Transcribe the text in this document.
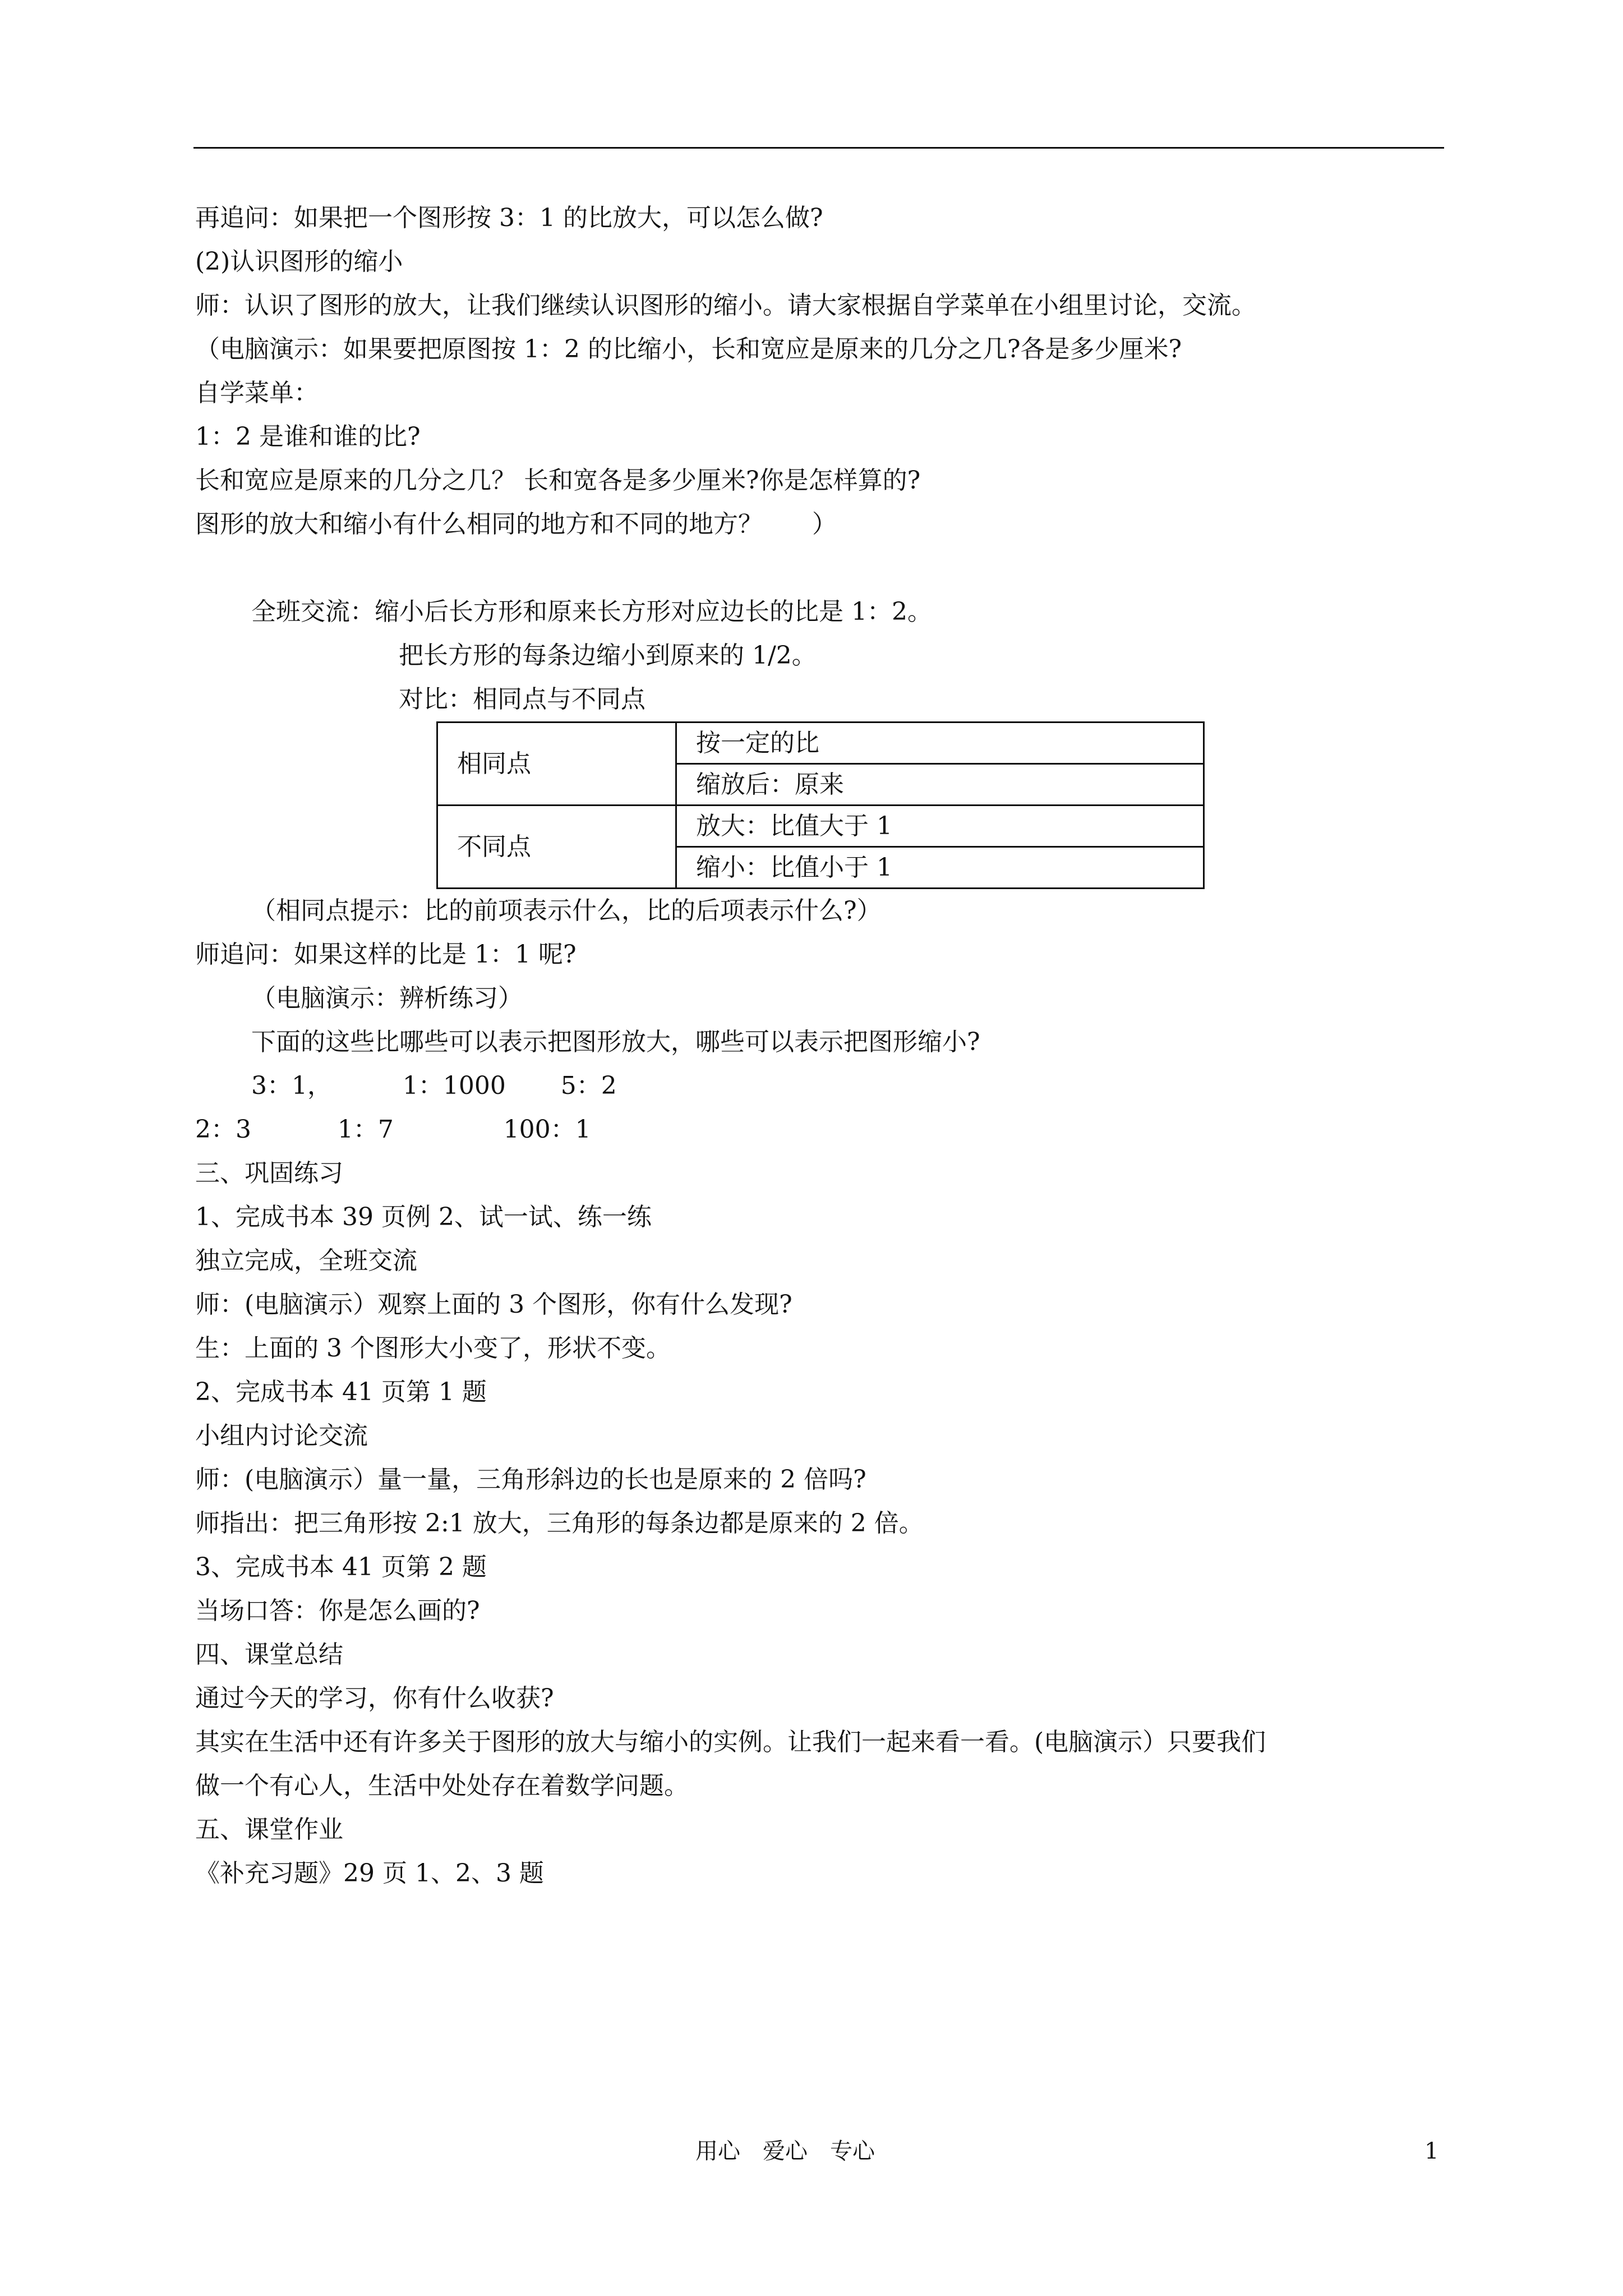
再追问：如果把一个图形按 3：1 的比放大，可以怎么做?

(2)认识图形的缩小

师：认识了图形的放大，让我们继续认识图形的缩小。请大家根据自学菜单在小组里讨论，交流。

（电脑演示：如果要把原图按 1：2 的比缩小，长和宽应是原来的几分之几?各是多少厘米?

自学菜单：

1：2 是谁和谁的比?

长和宽应是原来的几分之几？ 长和宽各是多少厘米?你是怎样算的?

图形的放大和缩小有什么相同的地方和不同的地方？　　）

全班交流：缩小后长方形和原来长方形对应边长的比是 1：2。

把长方形的每条边缩小到原来的 1/2。

对比：相同点与不同点

相同点	按一定的比
	缩放后：原来
不同点	放大：比值大于 1
	缩小：比值小于 1

（相同点提示：比的前项表示什么，比的后项表示什么?）

师追问：如果这样的比是 1：1 呢?

（电脑演示：辨析练习）

下面的这些比哪些可以表示把图形放大，哪些可以表示把图形缩小?

3：1，         1：1000       5：2

2：3           1：7              100：1

三、巩固练习

1、完成书本 39 页例 2、试一试、练一练

独立完成，全班交流

师：(电脑演示）观察上面的 3 个图形，你有什么发现?

生：上面的 3 个图形大小变了，形状不变。

2、完成书本 41 页第 1 题

小组内讨论交流

师：(电脑演示）量一量，三角形斜边的长也是原来的 2 倍吗?

师指出：把三角形按 2:1 放大，三角形的每条边都是原来的 2 倍。

3、完成书本 41 页第 2 题

当场口答：你是怎么画的?

四、课堂总结

通过今天的学习，你有什么收获?

其实在生活中还有许多关于图形的放大与缩小的实例。让我们一起来看一看。(电脑演示）只要我们

做一个有心人，生活中处处存在着数学问题。

五、课堂作业

《补充习题》29 页 1、2、3 题

用心　爱心　专心	1
